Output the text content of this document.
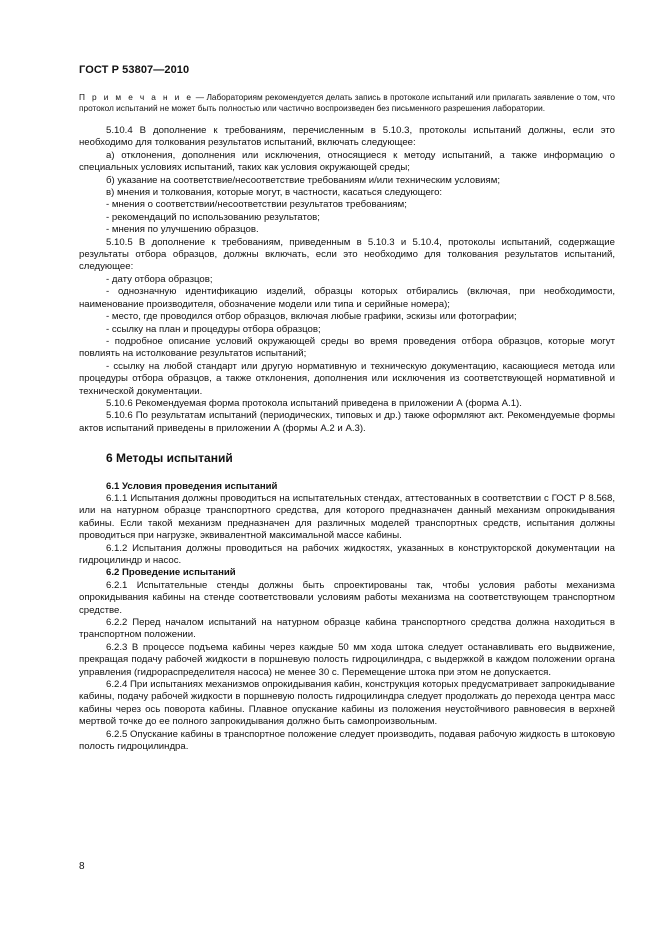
ГОСТ Р 53807—2010
П р и м е ч а н и е — Лабораториям рекомендуется делать запись в протоколе испытаний или прилагать заявление о том, что протокол испытаний не может быть полностью или частично воспроизведен без письменного разрешения лаборатории.

5.10.4 В дополнение к требованиям, перечисленным в 5.10.3, протоколы испытаний должны, если это необходимо для толкования результатов испытаний, включать следующее:

а) отклонения, дополнения или исключения, относящиеся к методу испытаний, а также информацию о специальных условиях испытаний, таких как условия окружающей среды;

б) указание на соответствие/несоответствие требованиям и/или техническим условиям;

в) мнения и толкования, которые могут, в частности, касаться следующего:

- мнения о соответствии/несоответствии результатов требованиям;

- рекомендаций по использованию результатов;

- мнения по улучшению образцов.

5.10.5 В дополнение к требованиям, приведенным в 5.10.3 и 5.10.4, протоколы испытаний, содержащие результаты отбора образцов, должны включать, если это необходимо для толкования результатов испытаний, следующее:

- дату отбора образцов;

- однозначную идентификацию изделий, образцы которых отбирались (включая, при необходимости, наименование производителя, обозначение модели или типа и серийные номера);

- место, где проводился отбор образцов, включая любые графики, эскизы или фотографии;

- ссылку на план и процедуры отбора образцов;

- подробное описание условий окружающей среды во время проведения отбора образцов, которые могут повлиять на истолкование результатов испытаний;

- ссылку на любой стандарт или другую нормативную и техническую документацию, касающиеся метода или процедуры отбора образцов, а также отклонения, дополнения или исключения из соответствующей нормативной и технической документации.

5.10.6 Рекомендуемая форма протокола испытаний приведена в приложении А (форма А.1).

5.10.6 По результатам испытаний (периодических, типовых и др.) также оформляют акт. Рекомендуемые формы актов испытаний приведены в приложении А (формы А.2 и А.3).

6 Методы испытаний

6.1 Условия проведения испытаний

6.1.1 Испытания должны проводиться на испытательных стендах, аттестованных в соответствии с ГОСТ Р 8.568, или на натурном образце транспортного средства, для которого предназначен данный механизм опрокидывания кабины. Если такой механизм предназначен для различных моделей транспортных средств, испытания должны проводиться при нагрузке, эквивалентной максимальной массе кабины.

6.1.2 Испытания должны проводиться на рабочих жидкостях, указанных в конструкторской документации на гидроцилиндр и насос.

6.2 Проведение испытаний

6.2.1 Испытательные стенды должны быть спроектированы так, чтобы условия работы механизма опрокидывания кабины на стенде соответствовали условиям работы механизма на соответствующем транспортном средстве.

6.2.2 Перед началом испытаний на натурном образце кабина транспортного средства должна находиться в транспортном положении.

6.2.3 В процессе подъема кабины через каждые 50 мм хода штока следует останавливать его выдвижение, прекращая подачу рабочей жидкости в поршневую полость гидроцилиндра, с выдержкой в каждом положении органа управления (гидрораспределителя насоса) не менее 30 с. Перемещение штока при этом не допускается.

6.2.4 При испытаниях механизмов опрокидывания кабин, конструкция которых предусматривает запрокидывание кабины, подачу рабочей жидкости в поршневую полость гидроцилиндра следует продолжать до перехода центра масс кабины через ось поворота кабины. Плавное опускание кабины из положения неустойчивого равновесия в верхней мертвой точке до ее полного запрокидывания должно быть самопроизвольным.

6.2.5 Опускание кабины в транспортное положение следует производить, подавая рабочую жидкость в штоковую полость гидроцилиндра.

8
